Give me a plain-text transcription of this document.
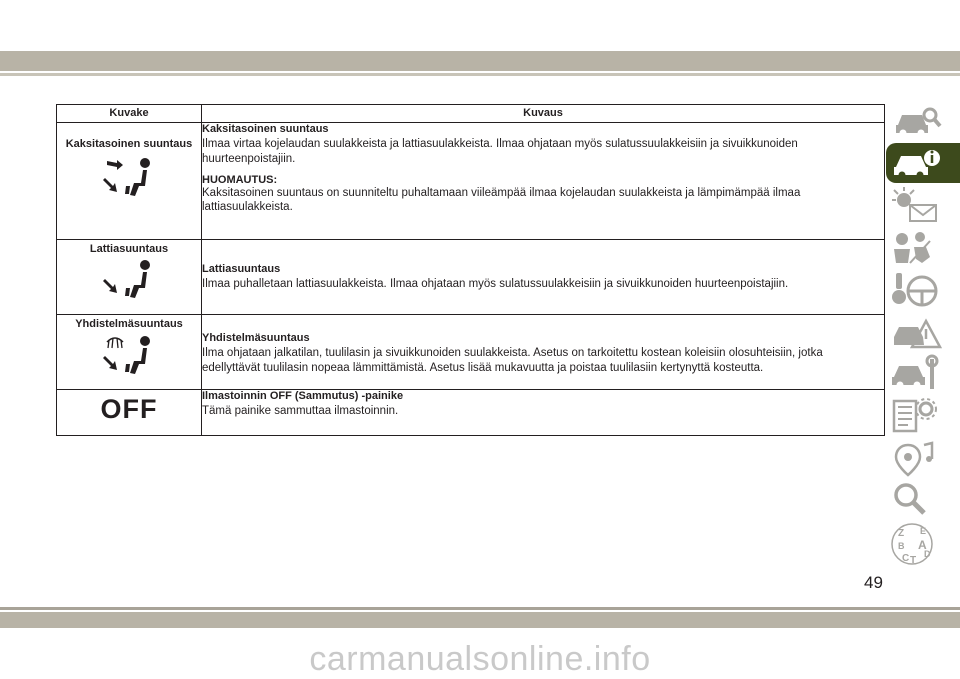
Kuvake	Kuvaus

Kaksitasoinen suuntaus	Kaksitasoinen suuntaus
Ilmaa virtaa kojelaudan suulakkeista ja lattiasuulakkeista. Ilmaa ohjataan myös sulatussuulakkeisiin ja sivuikkunoiden huurteenpoistajiin.
HUOMAUTUS:
Kaksitasoinen suuntaus on suunniteltu puhaltamaan viileämpää ilmaa kojelaudan suulakkeista ja lämpimämpää ilmaa lattiasuulakkeista.

Lattiasuuntaus	Lattiasuuntaus
Ilmaa puhalletaan lattiasuulakkeista. Ilmaa ohjataan myös sulatussuulakkeisiin ja sivuikkunoiden huurteenpoistajiin.

Yhdistelmäsuuntaus	Yhdistelmäsuuntaus
Ilma ohjataan jalkatilan, tuulilasin ja sivuikkunoiden suulakkeista. Asetus on tarkoitettu kostean koleisiin olosuhteisiin, jotka edellyttävät tuulilasin nopeaa lämmittämistä. Asetus lisää mukavuutta ja poistaa tuulilasiin kertynyttä kosteutta.

OFF	Ilmastoinnin OFF (Sammutus) -painike
Tämä painike sammuttaa ilmastoinnin.
Z E
B A
C T
D
49
carmanualsonline.info
